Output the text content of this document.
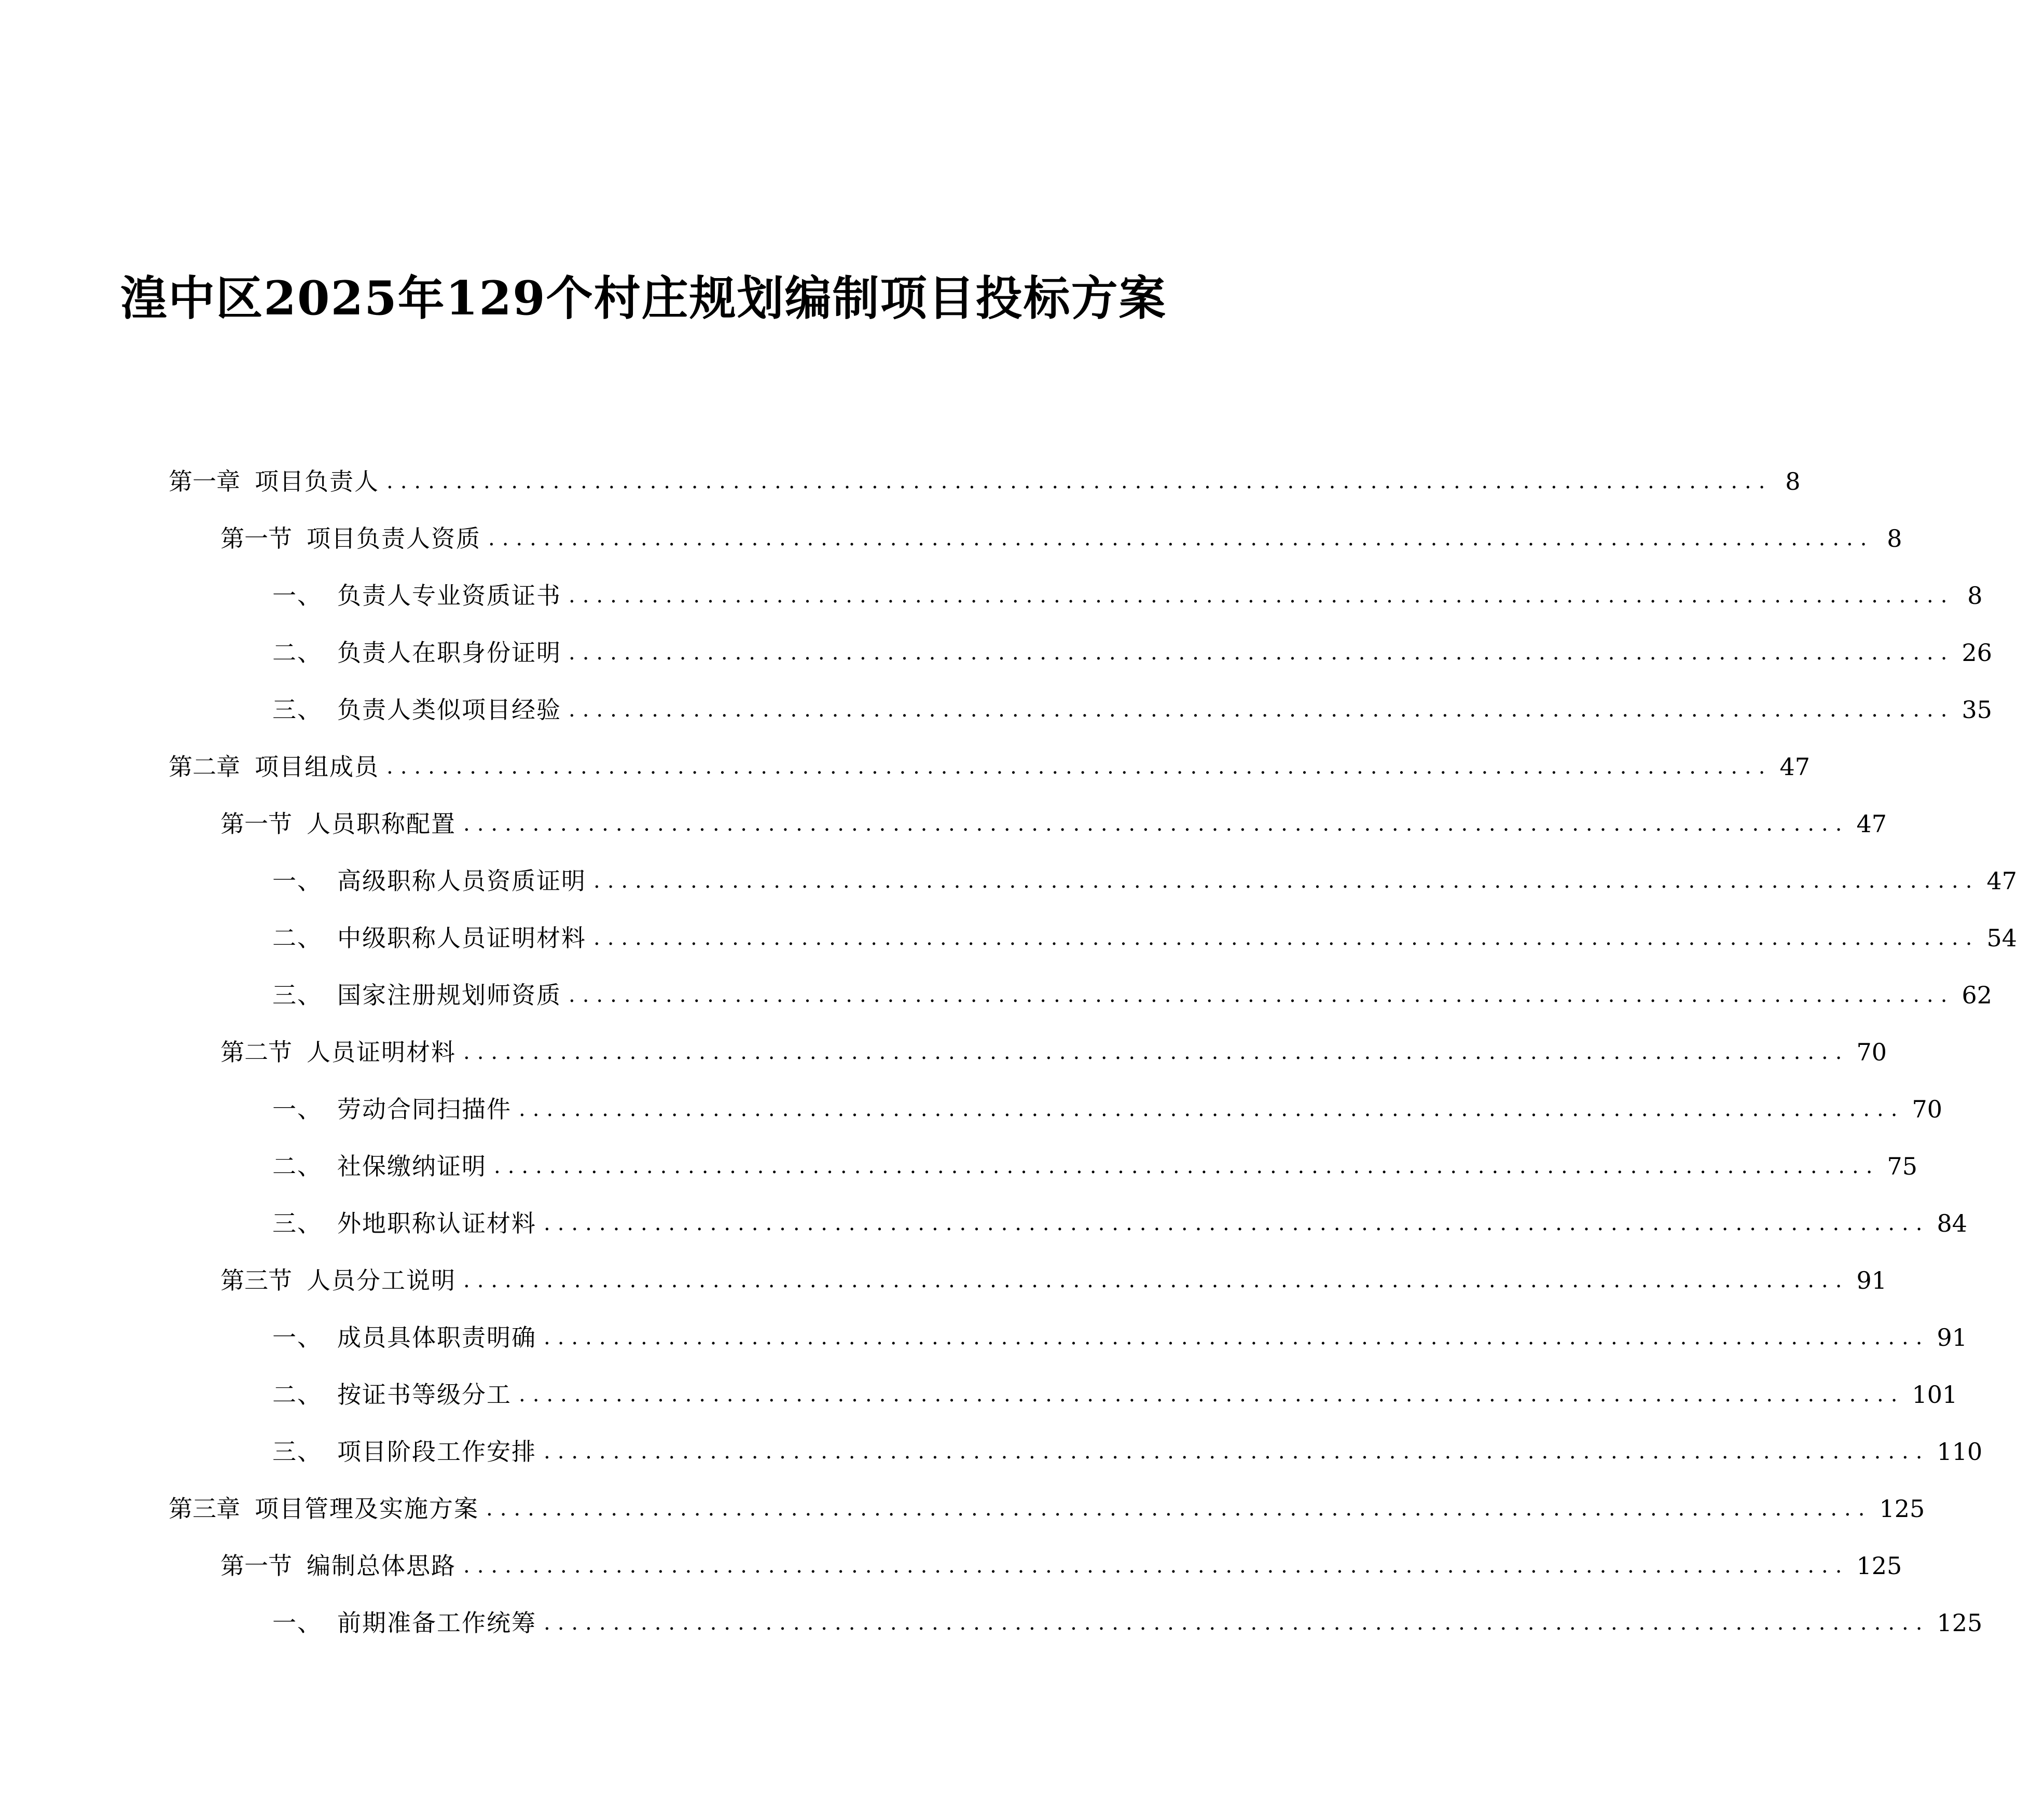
湟中区2025年129个村庄规划编制项目投标方案
第一章 项目负责人 .................................................................................................... 8
第一节 项目负责人资质 .................................................................................................... 8
一、 负责人专业资质证书 .................................................................................................... 8
二、 负责人在职身份证明 .................................................................................................... 26
三、 负责人类似项目经验 .................................................................................................... 35
第二章 项目组成员 .................................................................................................... 47
第一节 人员职称配置 .................................................................................................... 47
一、 高级职称人员资质证明 .................................................................................................... 47
二、 中级职称人员证明材料 .................................................................................................... 54
三、 国家注册规划师资质 .................................................................................................... 62
第二节 人员证明材料 .................................................................................................... 70
一、 劳动合同扫描件 .................................................................................................... 70
二、 社保缴纳证明 .................................................................................................... 75
三、 外地职称认证材料 .................................................................................................... 84
第三节 人员分工说明 .................................................................................................... 91
一、 成员具体职责明确 .................................................................................................... 91
二、 按证书等级分工 .................................................................................................... 101
三、 项目阶段工作安排 .................................................................................................... 110
第三章 项目管理及实施方案 .................................................................................................... 125
第一节 编制总体思路 .................................................................................................... 125
一、 前期准备工作统筹 .................................................................................................... 125
